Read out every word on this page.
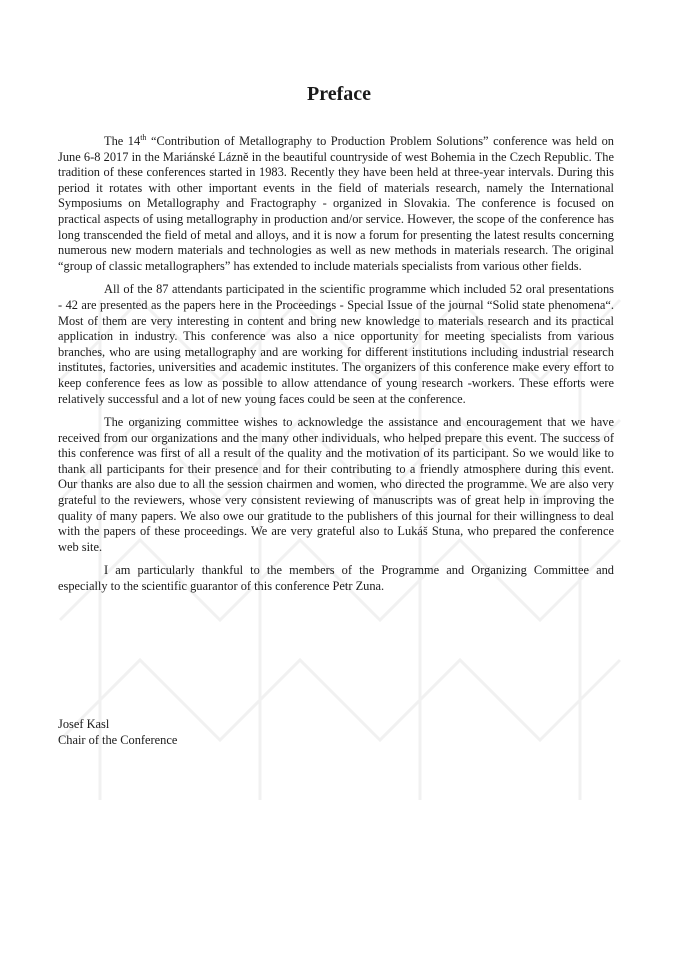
Preface

The 14th “Contribution of Metallography to Production Problem Solutions” conference was held on June 6-8 2017 in the Mariánské Lázně in the beautiful countryside of west Bohemia in the Czech Republic. The tradition of these conferences started in 1983. Recently they have been held at three-year intervals. During this period it rotates with other important events in the field of materials research, namely the International Symposiums on Metallography and Fractography - organized in Slovakia. The conference is focused on practical aspects of using metallography in production and/or service. However, the scope of the conference has long transcended the field of metal and alloys, and it is now a forum for presenting the latest results concerning numerous new modern materials and technologies as well as new methods in materials research. The original “group of classic metallographers” has extended to include materials specialists from various other fields.

All of the 87 attendants participated in the scientific programme which included 52 oral presentations - 42 are presented as the papers here in the Proceedings - Special Issue of the journal “Solid state phenomena“. Most of them are very interesting in content and bring new knowledge to materials research and its practical application in industry. This conference was also a nice opportunity for meeting specialists from various branches, who are using metallography and are working for different institutions including industrial research institutes, factories, universities and academic institutes. The organizers of this conference make every effort to keep conference fees as low as possible to allow attendance of young research -workers. These efforts were relatively successful and a lot of new young faces could be seen at the conference.

The organizing committee wishes to acknowledge the assistance and encouragement that we have received from our organizations and the many other individuals, who helped prepare this event. The success of this conference was first of all a result of the quality and the motivation of its participant. So we would like to thank all participants for their presence and for their contributing to a friendly atmosphere during this event. Our thanks are also due to all the session chairmen and women, who directed the programme. We are also very grateful to the reviewers, whose very consistent reviewing of manuscripts was of great help in improving the quality of many papers. We also owe our gratitude to the publishers of this journal for their willingness to deal with the papers of these proceedings. We are very grateful also to Lukáš Stuna, who prepared the conference web site.

I am particularly thankful to the members of the Programme and Organizing Committee and especially to the scientific guarantor of this conference Petr Zuna.

Josef Kasl
Chair of the Conference
